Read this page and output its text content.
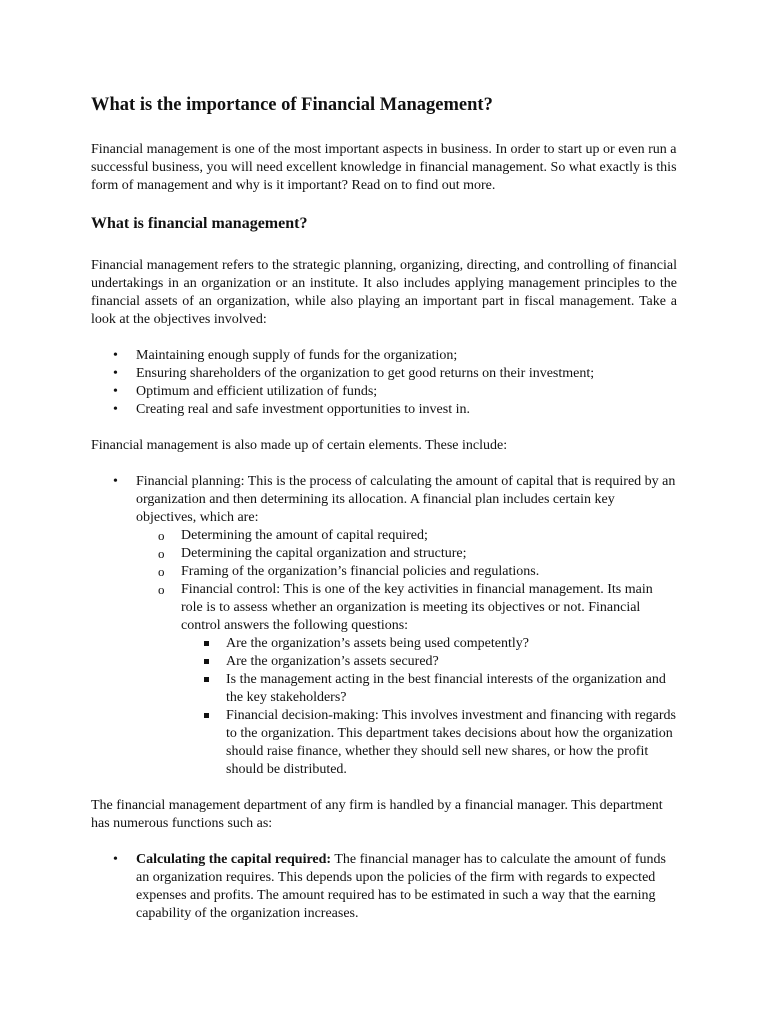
What is the importance of Financial Management?

Financial management is one of the most important aspects in business. In order to start up or even run a successful business, you will need excellent knowledge in financial management. So what exactly is this form of management and why is it important? Read on to find out more.

What is financial management?

Financial management refers to the strategic planning, organizing, directing, and controlling of financial undertakings in an organization or an institute. It also includes applying management principles to the financial assets of an organization, while also playing an important part in fiscal management. Take a look at the objectives involved:

• Maintaining enough supply of funds for the organization;
• Ensuring shareholders of the organization to get good returns on their investment;
• Optimum and efficient utilization of funds;
• Creating real and safe investment opportunities to invest in.

Financial management is also made up of certain elements. These include:

• Financial planning: This is the process of calculating the amount of capital that is required by an organization and then determining its allocation. A financial plan includes certain key objectives, which are:
o Determining the amount of capital required;
o Determining the capital organization and structure;
o Framing of the organization’s financial policies and regulations.
o Financial control: This is one of the key activities in financial management. Its main role is to assess whether an organization is meeting its objectives or not. Financial control answers the following questions:
Are the organization’s assets being used competently?
Are the organization’s assets secured?
Is the management acting in the best financial interests of the organization and the key stakeholders?
Financial decision-making: This involves investment and financing with regards to the organization. This department takes decisions about how the organization should raise finance, whether they should sell new shares, or how the profit should be distributed.

The financial management department of any firm is handled by a financial manager. This department has numerous functions such as:

• Calculating the capital required: The financial manager has to calculate the amount of funds an organization requires. This depends upon the policies of the firm with regards to expected expenses and profits. The amount required has to be estimated in such a way that the earning capability of the organization increases.
